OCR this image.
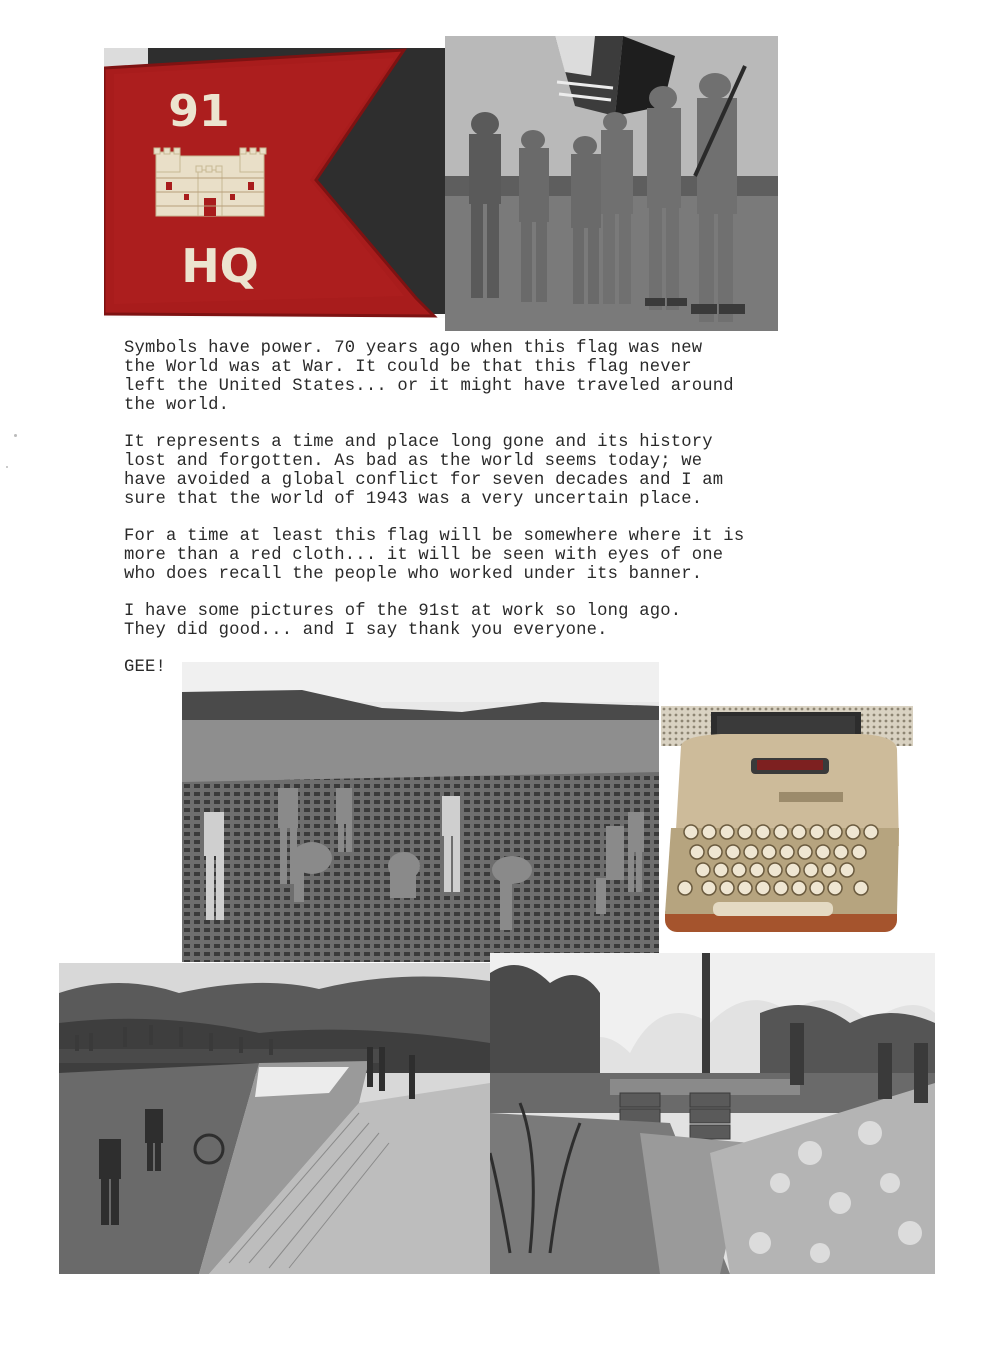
91
HQ

Symbols have power. 70 years ago when this flag was new
the World was at War. It could be that this flag never
left the United States... or it might have traveled around
the world.

It represents a time and place long gone and its history
lost and forgotten. As bad as the world seems today; we
have avoided a global conflict for seven decades and I am
sure that the world of 1943 was a very uncertain place.

For a time at least this flag will be somewhere where it is
more than a red cloth... it will be seen with eyes of one
who does recall the people who worked under its banner.

I have some pictures of the 91st at work so long ago.
They did good... and I say thank you everyone.

GEE!
